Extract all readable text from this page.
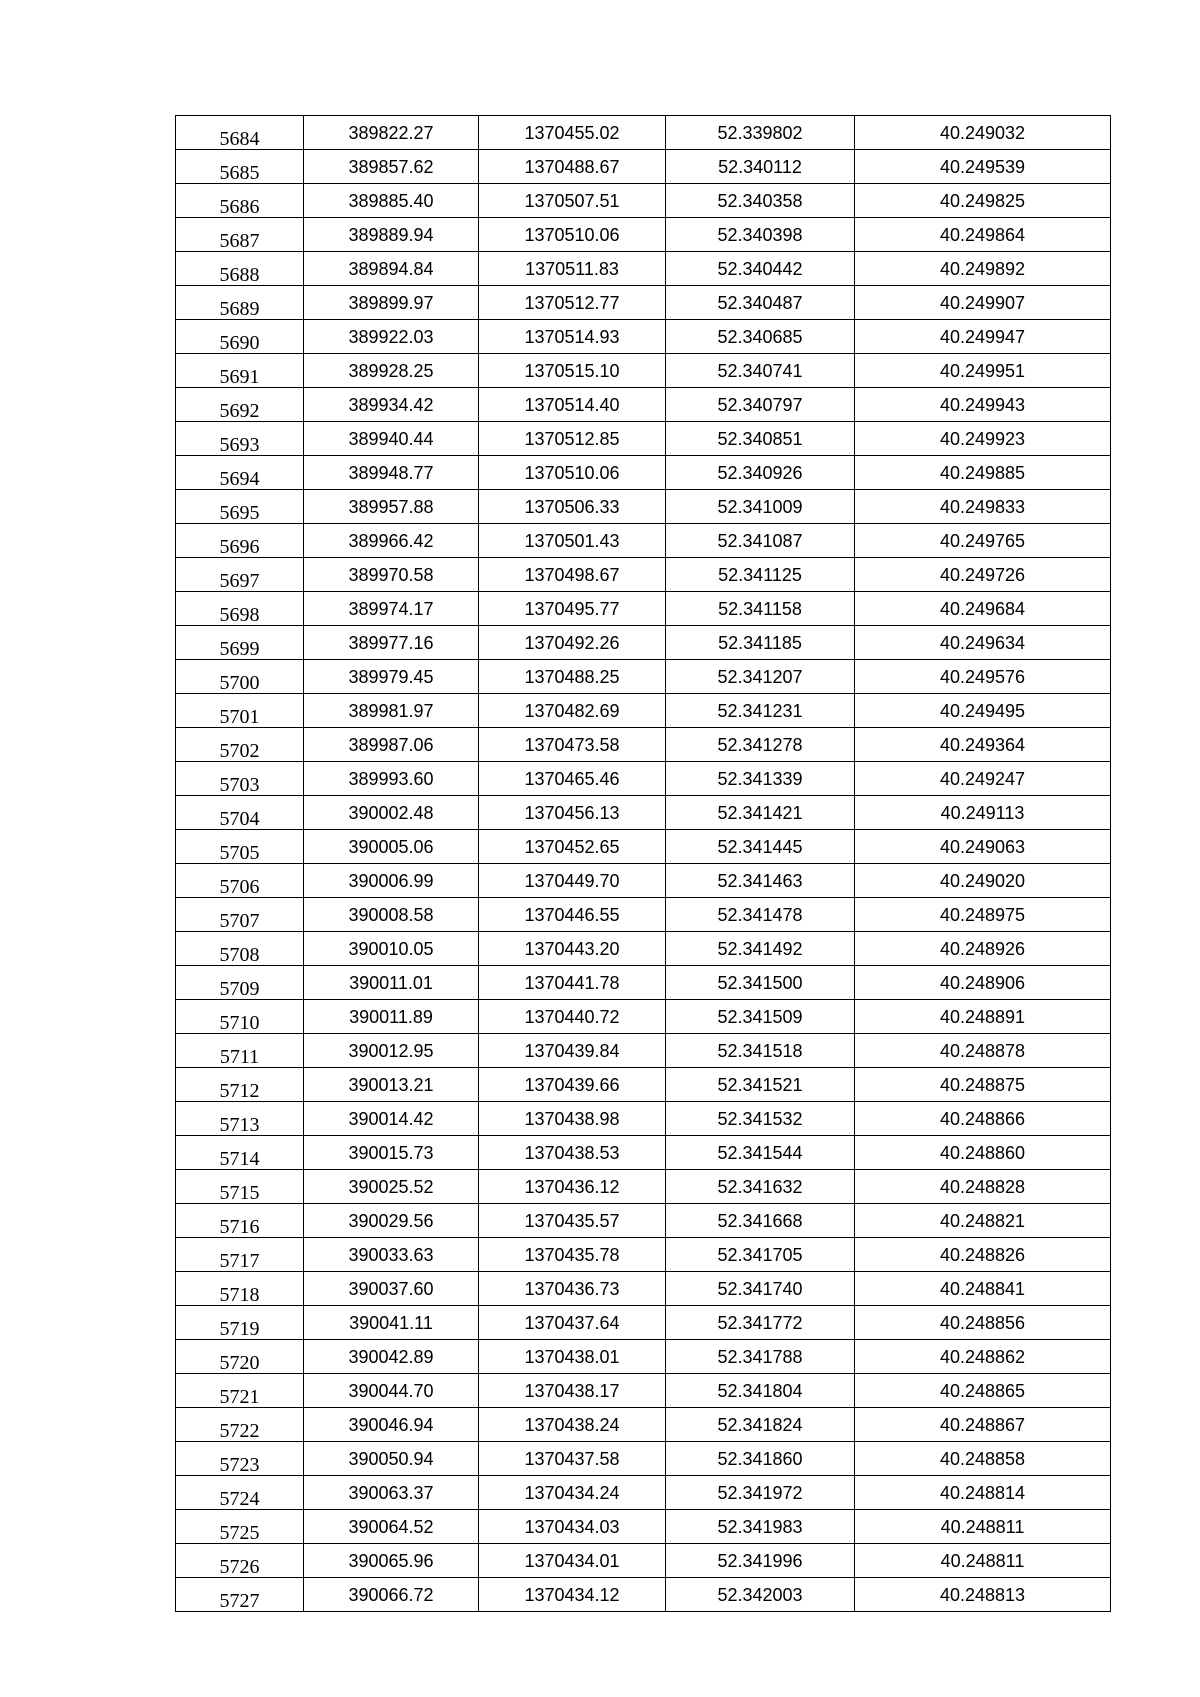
5684	389822.27	1370455.02	52.339802	40.249032
5685	389857.62	1370488.67	52.340112	40.249539
5686	389885.40	1370507.51	52.340358	40.249825
5687	389889.94	1370510.06	52.340398	40.249864
5688	389894.84	1370511.83	52.340442	40.249892
5689	389899.97	1370512.77	52.340487	40.249907
5690	389922.03	1370514.93	52.340685	40.249947
5691	389928.25	1370515.10	52.340741	40.249951
5692	389934.42	1370514.40	52.340797	40.249943
5693	389940.44	1370512.85	52.340851	40.249923
5694	389948.77	1370510.06	52.340926	40.249885
5695	389957.88	1370506.33	52.341009	40.249833
5696	389966.42	1370501.43	52.341087	40.249765
5697	389970.58	1370498.67	52.341125	40.249726
5698	389974.17	1370495.77	52.341158	40.249684
5699	389977.16	1370492.26	52.341185	40.249634
5700	389979.45	1370488.25	52.341207	40.249576
5701	389981.97	1370482.69	52.341231	40.249495
5702	389987.06	1370473.58	52.341278	40.249364
5703	389993.60	1370465.46	52.341339	40.249247
5704	390002.48	1370456.13	52.341421	40.249113
5705	390005.06	1370452.65	52.341445	40.249063
5706	390006.99	1370449.70	52.341463	40.249020
5707	390008.58	1370446.55	52.341478	40.248975
5708	390010.05	1370443.20	52.341492	40.248926
5709	390011.01	1370441.78	52.341500	40.248906
5710	390011.89	1370440.72	52.341509	40.248891
5711	390012.95	1370439.84	52.341518	40.248878
5712	390013.21	1370439.66	52.341521	40.248875
5713	390014.42	1370438.98	52.341532	40.248866
5714	390015.73	1370438.53	52.341544	40.248860
5715	390025.52	1370436.12	52.341632	40.248828
5716	390029.56	1370435.57	52.341668	40.248821
5717	390033.63	1370435.78	52.341705	40.248826
5718	390037.60	1370436.73	52.341740	40.248841
5719	390041.11	1370437.64	52.341772	40.248856
5720	390042.89	1370438.01	52.341788	40.248862
5721	390044.70	1370438.17	52.341804	40.248865
5722	390046.94	1370438.24	52.341824	40.248867
5723	390050.94	1370437.58	52.341860	40.248858
5724	390063.37	1370434.24	52.341972	40.248814
5725	390064.52	1370434.03	52.341983	40.248811
5726	390065.96	1370434.01	52.341996	40.248811
5727	390066.72	1370434.12	52.342003	40.248813
